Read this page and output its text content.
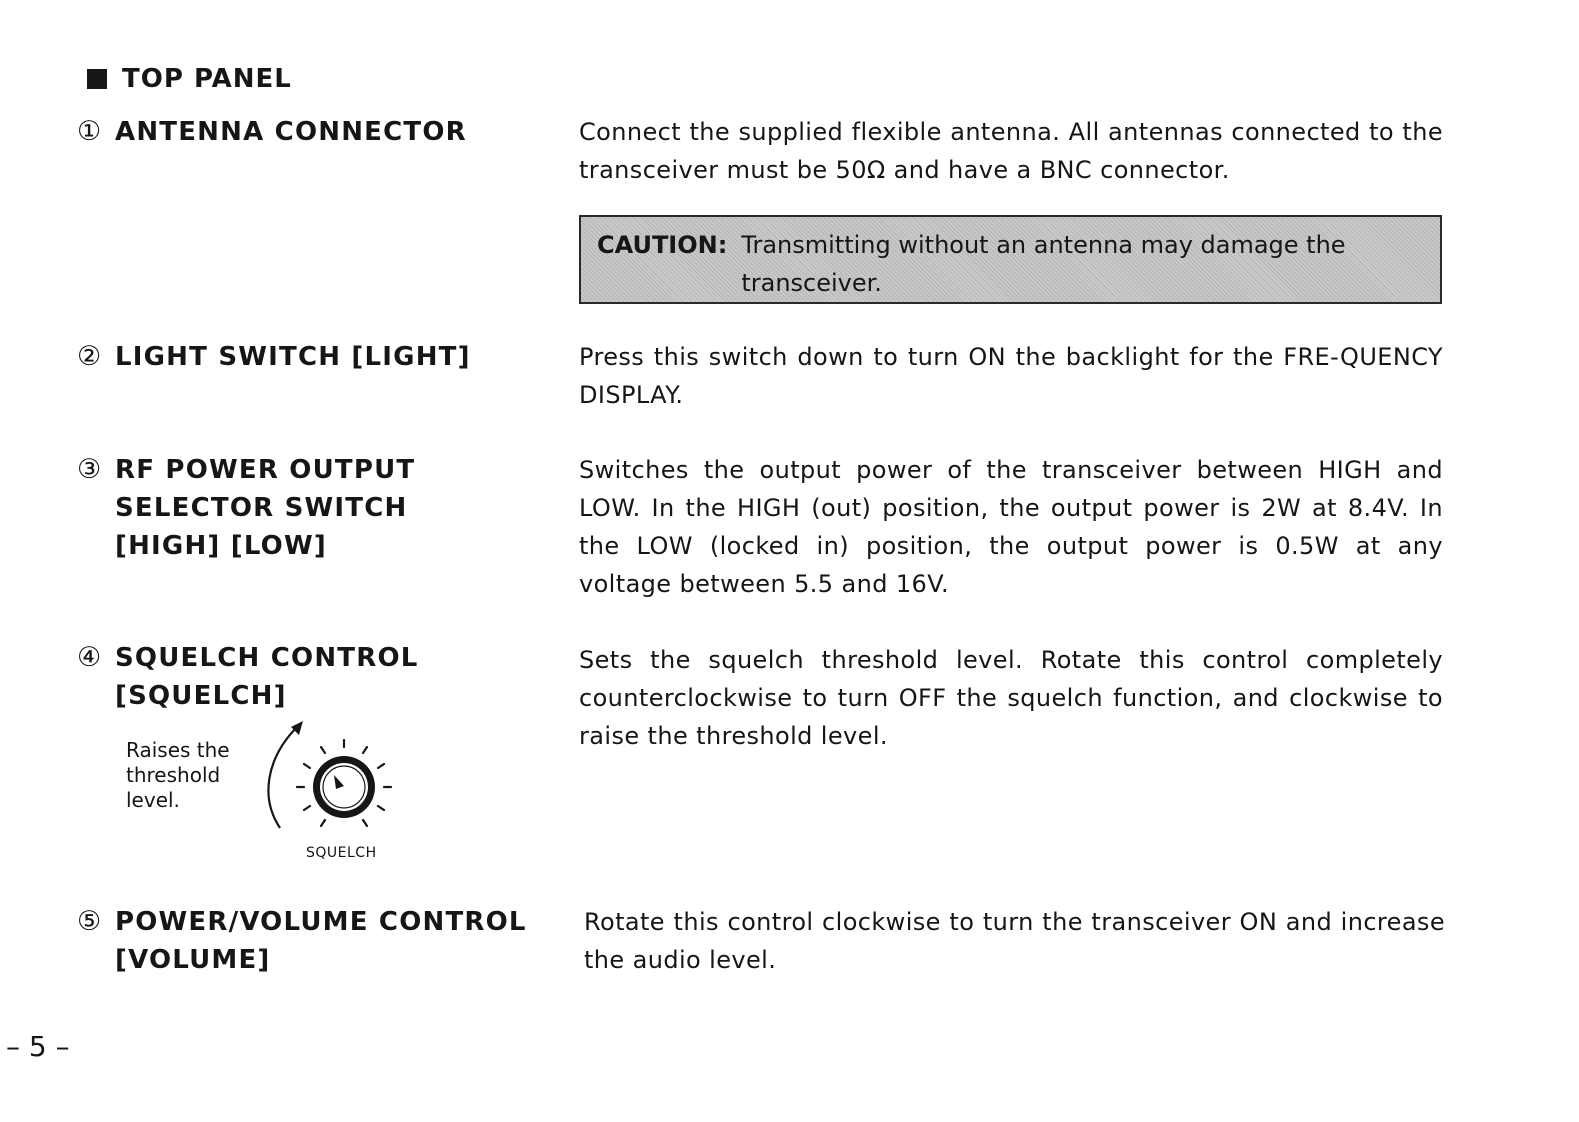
TOP PANEL
① ANTENNA CONNECTOR	Connect the supplied flexible antenna. All antennas connected to the transceiver must be 50Ω and have a BNC connector.

CAUTION: Transmitting without an antenna may damage the transceiver.
② LIGHT SWITCH [LIGHT]	Press this switch down to turn ON the backlight for the FRE-QUENCY DISPLAY.

③ RF POWER OUTPUT
SELECTOR SWITCH
[HIGH] [LOW]

Switches the output power of the transceiver between HIGH and LOW. In the HIGH (out) position, the output power is 2W at 8.4V. In the LOW (locked in) position, the output power is 0.5W at any voltage between 5.5 and 16V.

④ SQUELCH CONTROL
[SQUELCH]

Sets the squelch threshold level. Rotate this control completely counterclockwise to turn OFF the squelch function, and clockwise to raise the threshold level.

Raises the threshold level.
SQUELCH
⑤ POWER/VOLUME CONTROL
[VOLUME]

Rotate this control clockwise to turn the transceiver ON and increase the audio level.

– 5 –
